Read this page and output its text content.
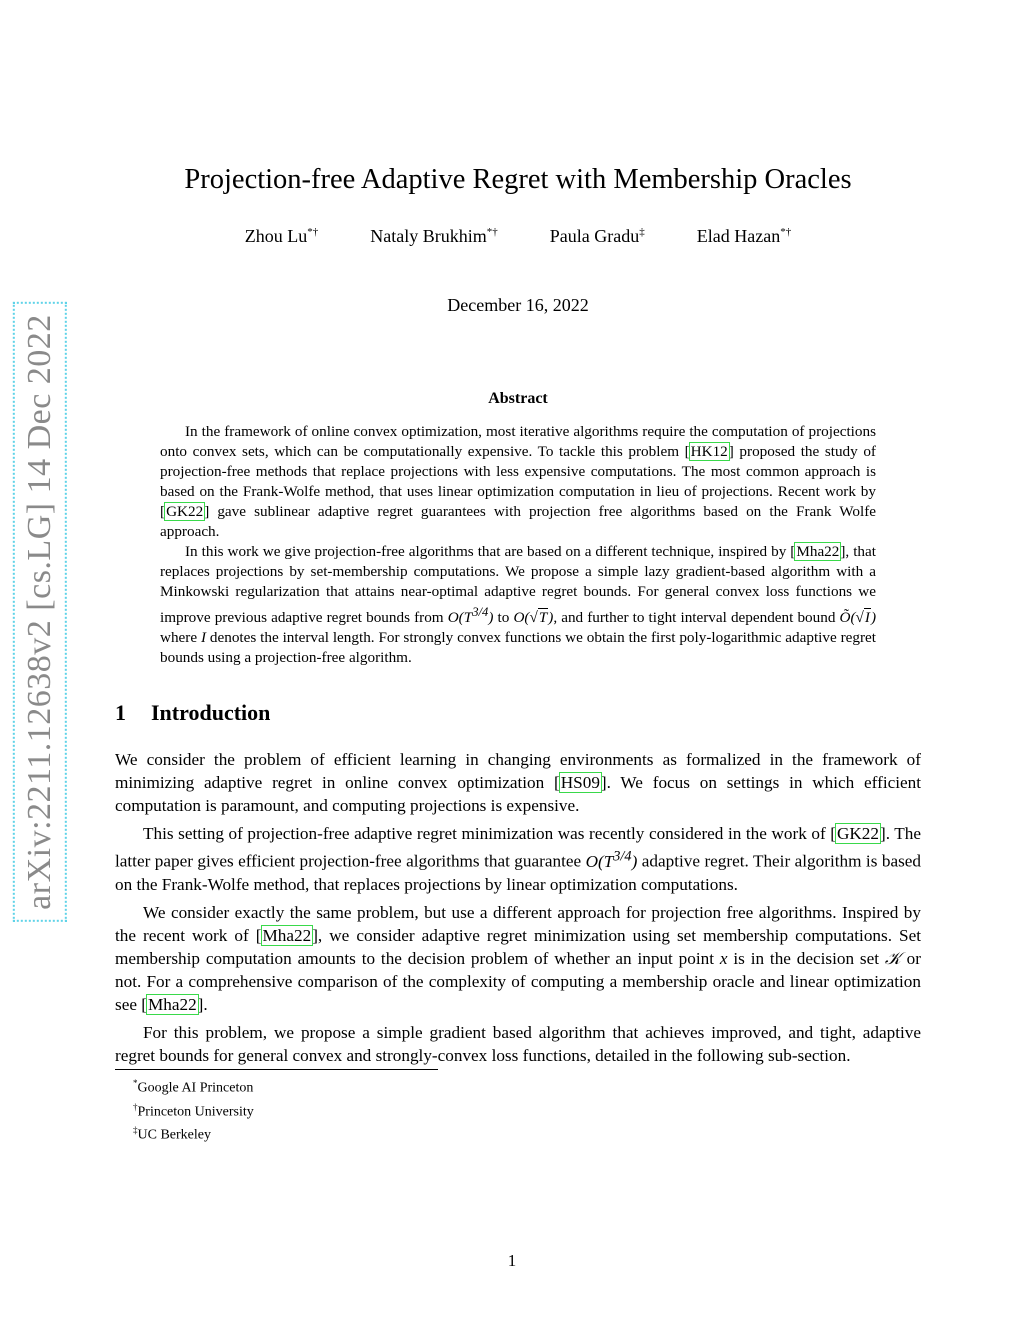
arXiv:2211.12638v2 [cs.LG] 14 Dec 2022
Projection-free Adaptive Regret with Membership Oracles
Zhou Lu*†	Nataly Brukhim*†	Paula Gradu‡	Elad Hazan*†
December 16, 2022
Abstract

In the framework of online convex optimization, most iterative algorithms require the computation of projections onto convex sets, which can be computationally expensive. To tackle this problem [HK12] proposed the study of projection-free methods that replace projections with less expensive computations. The most common approach is based on the Frank-Wolfe method, that uses linear optimization computation in lieu of projections. Recent work by [GK22] gave sublinear adaptive regret guarantees with projection free algorithms based on the Frank Wolfe approach.

In this work we give projection-free algorithms that are based on a different technique, inspired by [Mha22], that replaces projections by set-membership computations. We propose a simple lazy gradient-based algorithm with a Minkowski regularization that attains near-optimal adaptive regret bounds. For general convex loss functions we improve previous adaptive regret bounds from $O(T^{3/4})$ to O(√T), and further to tight interval dependent bound Õ(√I) where I denotes the interval length. For strongly convex functions we obtain the first poly-logarithmic adaptive regret bounds using a projection-free algorithm.

1 Introduction

We consider the problem of efficient learning in changing environments as formalized in the framework of minimizing adaptive regret in online convex optimization [HS09]. We focus on settings in which efficient computation is paramount, and computing projections is expensive.

This setting of projection-free adaptive regret minimization was recently considered in the work of [GK22]. The latter paper gives efficient projection-free algorithms that guarantee $O(T^{3/4})$ adaptive regret. Their algorithm is based on the Frank-Wolfe method, that replaces projections by linear optimization computations.

We consider exactly the same problem, but use a different approach for projection free algorithms. Inspired by the recent work of [Mha22], we consider adaptive regret minimization using set membership computations. Set membership computation amounts to the decision problem of whether an input point x is in the decision set 𝒦 or not. For a comprehensive comparison of the complexity of computing a membership oracle and linear optimization see [Mha22].

For this problem, we propose a simple gradient based algorithm that achieves improved, and tight, adaptive regret bounds for general convex and strongly-convex loss functions, detailed in the following sub-section.

*Google AI Princeton
†Princeton University
‡UC Berkeley
1
